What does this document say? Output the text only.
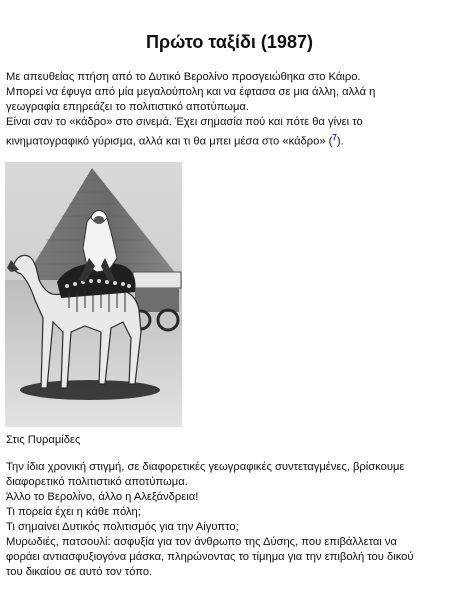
Πρώτο ταξίδι (1987)

Με απευθείας πτήση από το Δυτικό Βερολίνο προσγειώθηκα στο Κάιρο.
Μπορεί να έφυγα από μία μεγαλούπολη και να έφτασα σε μια άλλη, αλλά η
γεωγραφία επηρεάζει το πολιτιστικό αποτύπωμα.
Είναι σαν το «κάδρο» στο σινεμά. Έχει σημασία πού και πότε θα γίνει το
κινηματογραφικό γύρισμα, αλλά και τι θα μπει μέσα στο «κάδρο» ($^7$).

Στις Πυραμίδες

Την ίδια χρονική στιγμή, σε διαφορετικές γεωγραφικές συντεταγμένες, βρίσκουμε
διαφορετικό πολιτιστικό αποτύπωμα.
Άλλο το Βερολίνο, άλλο η Αλεξάνδρεια!
Τι πορεία έχει η κάθε πόλη;
Τι σημαίνει Δυτικός πολιτισμός για την Αίγυπτο;
Μυρωδιές, πατσουλί: ασφυξία για τον άνθρωπο της Δύσης, που επιβάλλεται να
φοράει αντιασφυξιογόνα μάσκα, πληρώνοντας το τίμημα για την επιβολή του δικού
του δικαίου σε αυτό τον τόπο.
